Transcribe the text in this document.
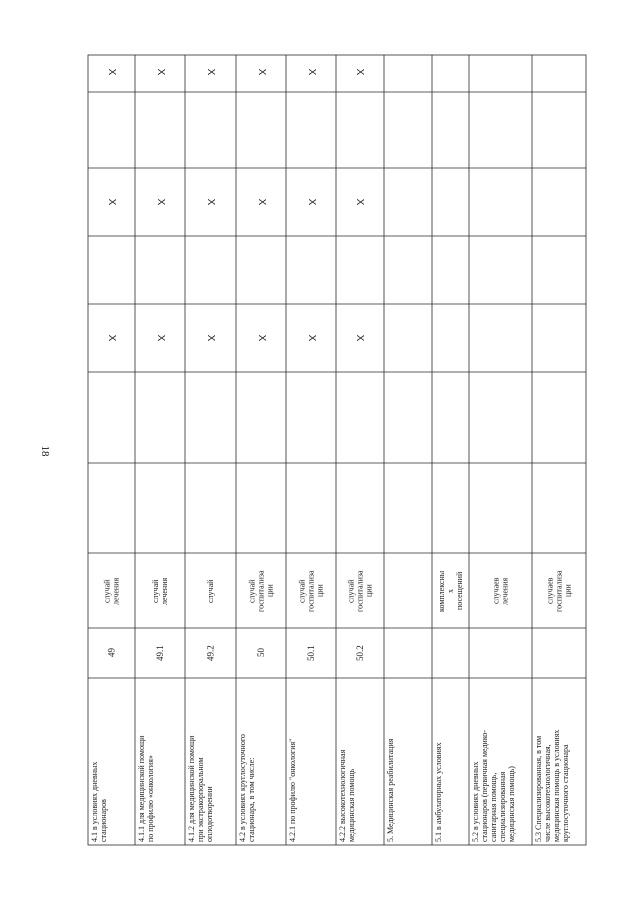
18
4.1 в условиях дневных
стационаров
49
случай
лечения
X
X
X
4.1.1 для медицинской помощи
по профилю «онкология»
49.1
случай
лечения
X
X
X
4.1.2 для медицинской помощи
при экстракорпоральном
оплодотворении
49.2
случай
X
X
X
4.2 в условиях круглосуточного
стационара, в том числе:
50
случай
госпитализа
ции
X
X
X
4.2.1 по профилю "онкология"
50.1
случай
госпитализа
ции
X
X
X
4.2.2 высокотехнологичная
медицинская помощь
50.2
случай
госпитализа
ции
X
X
X
5. Медицинская реабилитация	5.1 в амбулаторных условиях
комплексны
х
посещений
5.2 в условиях дневных
стационаров (первичная медико-
санитарная помощь,
специализированная
медицинская помощь)
случаев
лечения
5.3 Специализированная, в том
числе высокотехнологичная,
медицинская помощь в условиях
круглосуточного стационара
случаев
госпитализа
ции
